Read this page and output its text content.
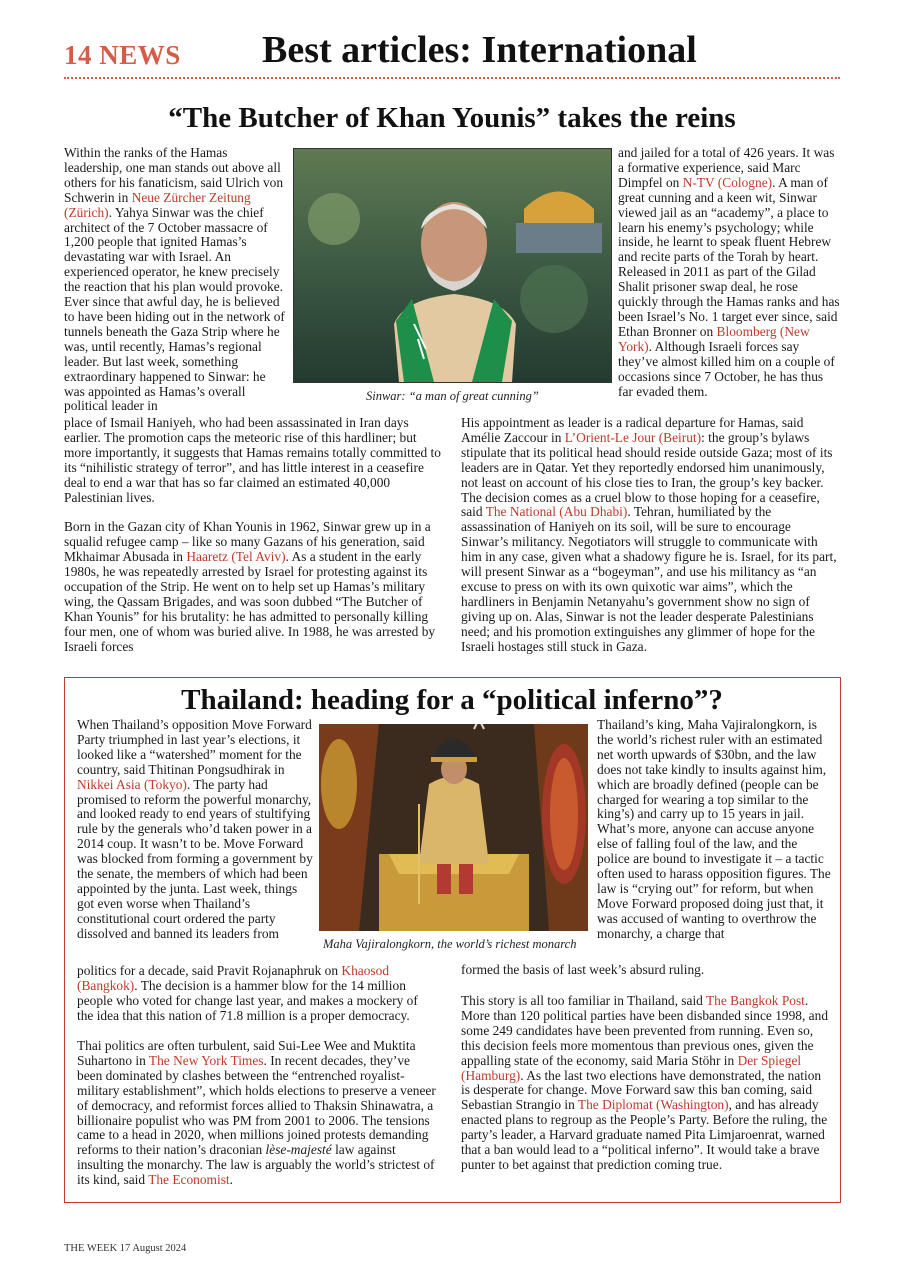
14 NEWS Best articles: International
“The Butcher of Khan Younis” takes the reins
Sinwar: “a man of great cunning”

Within the ranks of the Hamas leadership, one man stands out above all others for his fanaticism, said Ulrich von Schwerin in Neue Zürcher Zeitung (Zürich). Yahya Sinwar was the chief architect of the 7 October massacre of 1,200 people that ignited Hamas’s devastating war with Israel. An experienced operator, he knew precisely the reaction that his plan would provoke. Ever since that awful day, he is believed to have been hiding out in the network of tunnels beneath the Gaza Strip where he was, until recently, Hamas’s regional leader. But last week, something extraordinary happened to Sinwar: he was appointed as Hamas’s overall political leader in

place of Ismail Haniyeh, who had been assassinated in Iran days earlier. The promotion caps the meteoric rise of this hardliner; but more importantly, it suggests that Hamas remains totally committed to its “nihilistic strategy of terror”, and has little interest in a ceasefire deal to end a war that has so far claimed an estimated 40,000 Palestinian lives.

Born in the Gazan city of Khan Younis in 1962, Sinwar grew up in a squalid refugee camp – like so many Gazans of his generation, said Mkhaimar Abusada in Haaretz (Tel Aviv). As a student in the early 1980s, he was repeatedly arrested by Israel for protesting against its occupation of the Strip. He went on to help set up Hamas’s military wing, the Qassam Brigades, and was soon dubbed “The Butcher of Khan Younis” for his brutality: he has admitted to personally killing four men, one of whom was buried alive. In 1988, he was arrested by Israeli forces

and jailed for a total of 426 years. It was a formative experience, said Marc Dimpfel on N-TV (Cologne). A man of great cunning and a keen wit, Sinwar viewed jail as an “academy”, a place to learn his enemy’s psychology; while inside, he learnt to speak fluent Hebrew and recite parts of the Torah by heart. Released in 2011 as part of the Gilad Shalit prisoner swap deal, he rose quickly through the Hamas ranks and has been Israel’s No. 1 target ever since, said Ethan Bronner on Bloomberg (New York). Although Israeli forces say they’ve almost killed him on a couple of occasions since 7 October, he has thus far evaded them.

His appointment as leader is a radical departure for Hamas, said Amélie Zaccour in L’Orient-Le Jour (Beirut): the group’s bylaws stipulate that its political head should reside outside Gaza; most of its leaders are in Qatar. Yet they reportedly endorsed him unanimously, not least on account of his close ties to Iran, the group’s key backer. The decision comes as a cruel blow to those hoping for a ceasefire, said The National (Abu Dhabi). Tehran, humiliated by the assassination of Haniyeh on its soil, will be sure to encourage Sinwar’s militancy. Negotiators will struggle to communicate with him in any case, given what a shadowy figure he is. Israel, for its part, will present Sinwar as a “bogeyman”, and use his militancy as “an excuse to press on with its own quixotic war aims”, which the hardliners in Benjamin Netanyahu’s government show no sign of giving up on. Alas, Sinwar is not the leader desperate Palestinians need; and his promotion extinguishes any glimmer of hope for the Israeli hostages still stuck in Gaza.

Thailand: heading for a “political inferno”?
Maha Vajiralongkorn, the world’s richest monarch

When Thailand’s opposition Move Forward Party triumphed in last year’s elections, it looked like a “watershed” moment for the country, said Thitinan Pongsudhirak in Nikkei Asia (Tokyo). The party had promised to reform the powerful monarchy, and looked ready to end years of stultifying rule by the generals who’d taken power in a 2014 coup. It wasn’t to be. Move Forward was blocked from forming a government by the senate, the members of which had been appointed by the junta. Last week, things got even worse when Thailand’s constitutional court ordered the party dissolved and banned its leaders from

politics for a decade, said Pravit Rojanaphruk on Khaosod (Bangkok). The decision is a hammer blow for the 14 million people who voted for change last year, and makes a mockery of the idea that this nation of 71.8 million is a proper democracy.

Thai politics are often turbulent, said Sui-Lee Wee and Muktita Suhartono in The New York Times. In recent decades, they’ve been dominated by clashes between the “entrenched royalist-military establishment”, which holds elections to preserve a veneer of democracy, and reformist forces allied to Thaksin Shinawatra, a billionaire populist who was PM from 2001 to 2006. The tensions came to a head in 2020, when millions joined protests demanding reforms to their nation’s draconian lèse-majesté law against insulting the monarchy. The law is arguably the world’s strictest of its kind, said The Economist.

Thailand’s king, Maha Vajiralongkorn, is the world’s richest ruler with an estimated net worth upwards of $30bn, and the law does not take kindly to insults against him, which are broadly defined (people can be charged for wearing a top similar to the king’s) and carry up to 15 years in jail. What’s more, anyone can accuse anyone else of falling foul of the law, and the police are bound to investigate it – a tactic often used to harass opposition figures. The law is “crying out” for reform, but when Move Forward proposed doing just that, it was accused of wanting to overthrow the monarchy, a charge that

formed the basis of last week’s absurd ruling.

This story is all too familiar in Thailand, said The Bangkok Post. More than 120 political parties have been disbanded since 1998, and some 249 candidates have been prevented from running. Even so, this decision feels more momentous than previous ones, given the appalling state of the economy, said Maria Stöhr in Der Spiegel (Hamburg). As the last two elections have demonstrated, the nation is desperate for change. Move Forward saw this ban coming, said Sebastian Strangio in The Diplomat (Washington), and has already enacted plans to regroup as the People’s Party. Before the ruling, the party’s leader, a Harvard graduate named Pita Limjaroenrat, warned that a ban would lead to a “political inferno”. It would take a brave punter to bet against that prediction coming true.

THE WEEK 17 August 2024
